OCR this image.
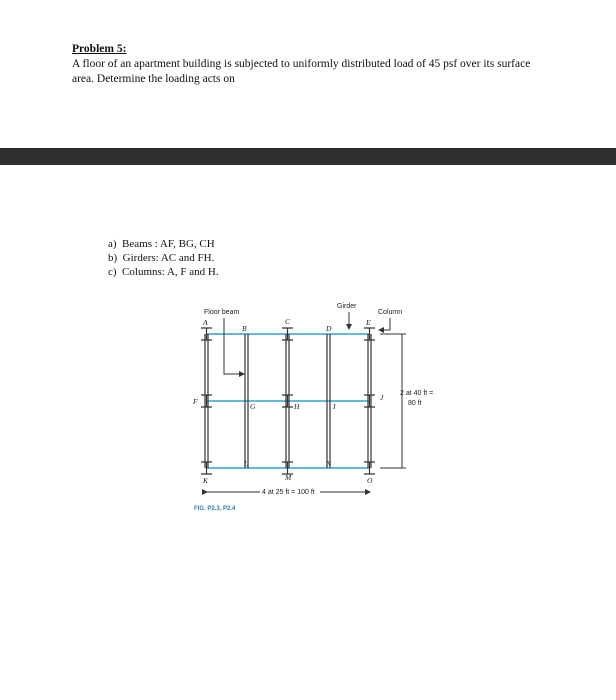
Problem 5:
A floor of an apartment building is subjected to uniformly distributed load of 45 psf over its surface area. Determine the loading acts on
a) Beams : AF, BG, CH
b) Girders: AC and FH.
c) Columns: A, F and H.
Floor beam
Girder
Column
2 at 40 ft =
80 ft
4 at 25 ft = 100 ft
FIG. P2.3, P2.4
A
B
C
D
E
F
G	H	I
J
K
L
M
N
O
